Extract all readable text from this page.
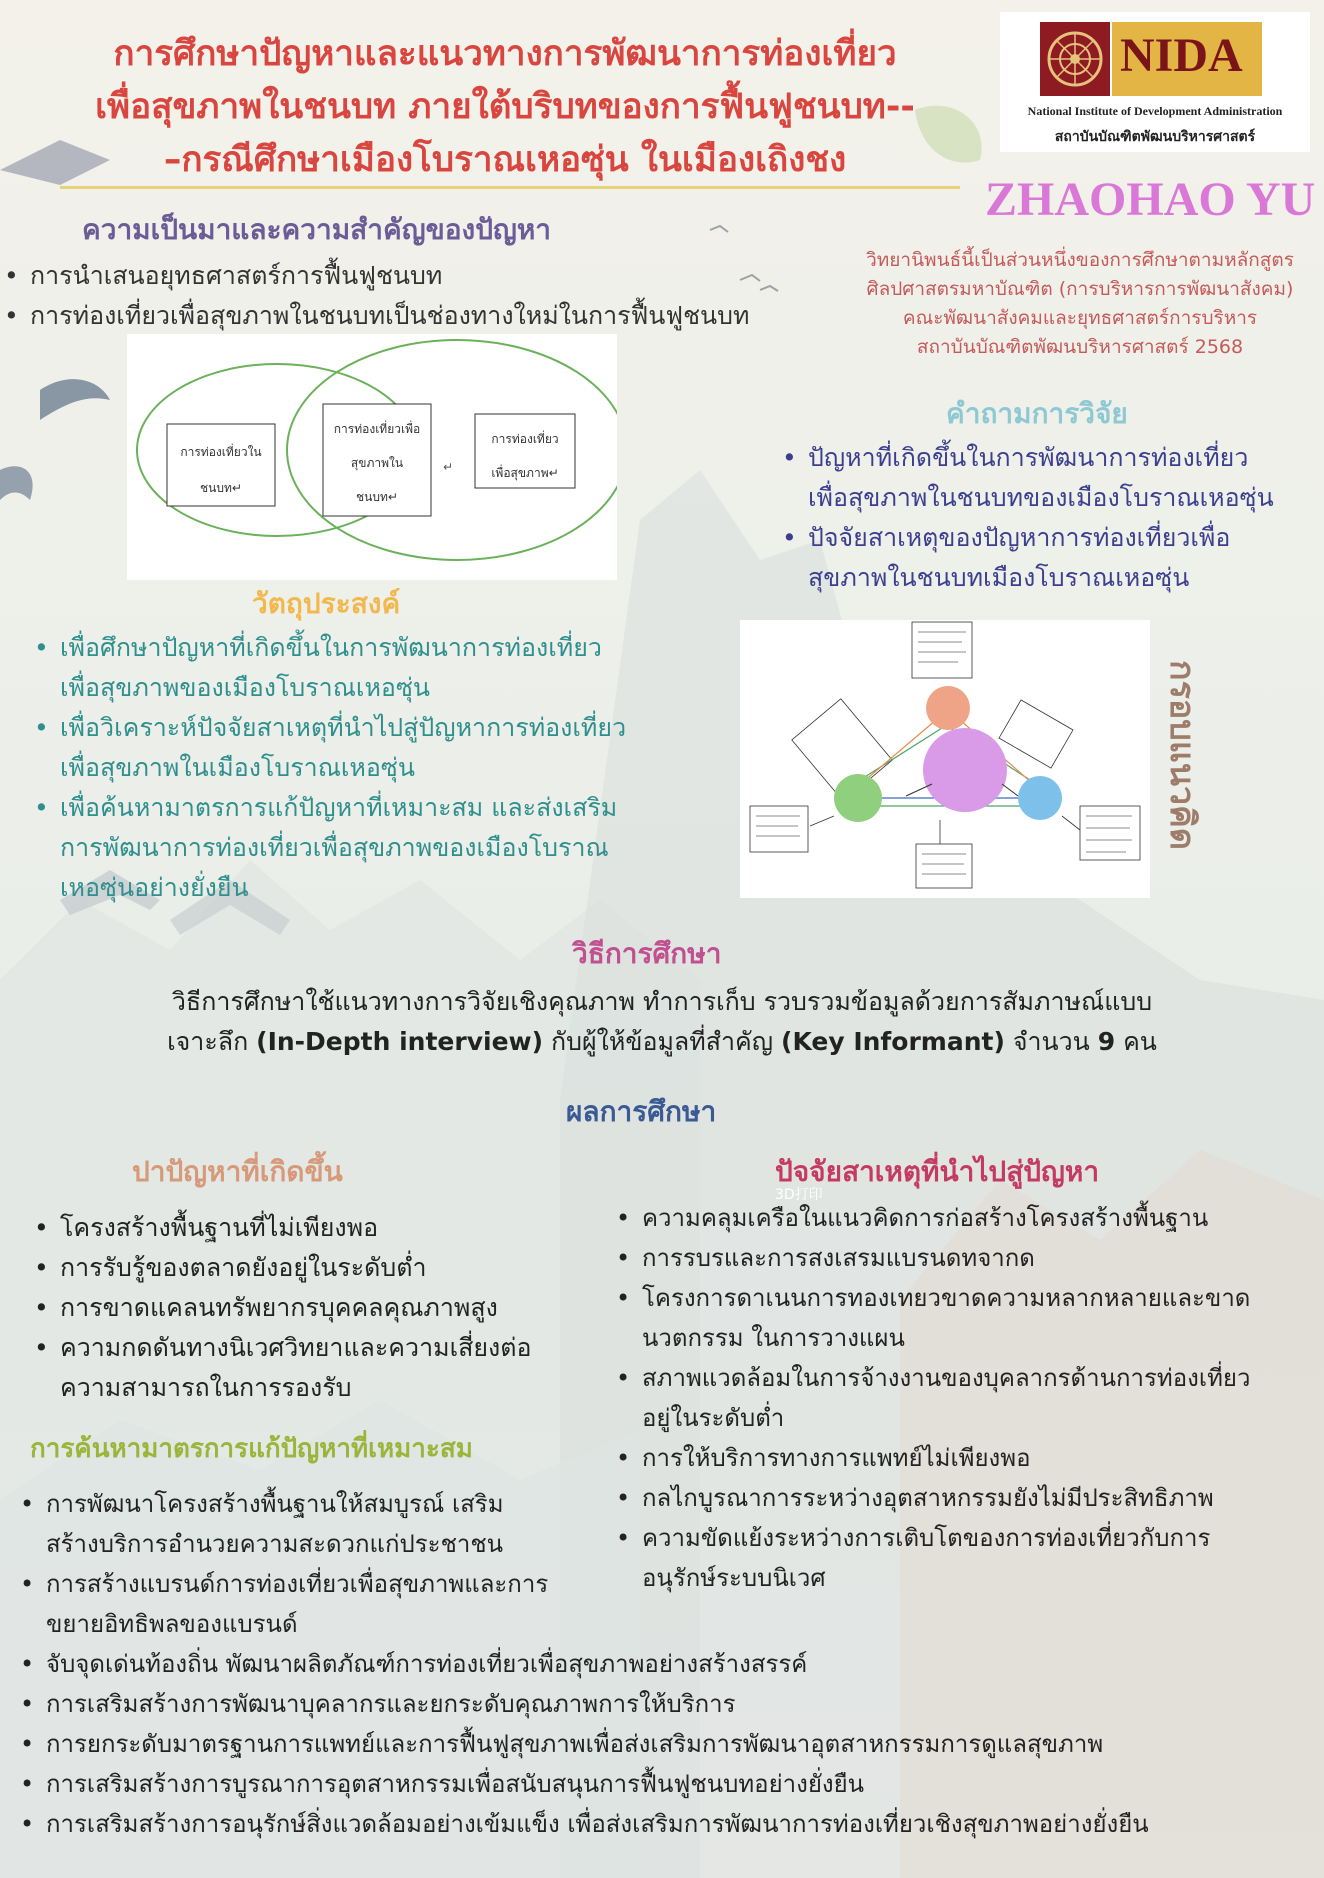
การศึกษาปัญหาและแนวทางการพัฒนาการท่องเที่ยว
เพื่อสุขภาพในชนบท ภายใต้บริบทของการฟื้นฟูชนบท--
–กรณีศึกษาเมืองโบราณเหอซุ่น ในเมืองเถิงชง
NIDA
National Institute of Development Administration
สถาบันบัณฑิตพัฒนบริหารศาสตร์
ZHAOHAO YU
วิทยานิพนธ์นี้เป็นส่วนหนึ่งของการศึกษาตามหลักสูตร
ศิลปศาสตรมหาบัณฑิต (การบริหารการพัฒนาสังคม)
คณะพัฒนาสังคมและยุทธศาสตร์การบริหาร
สถาบันบัณฑิตพัฒนบริหารศาสตร์ 2568
ความเป็นมาและความสำคัญของปัญหา
• การนำเสนอยุทธศาสตร์การฟื้นฟูชนบท
• การท่องเที่ยวเพื่อสุขภาพในชนบทเป็นช่องทางใหม่ในการฟื้นฟูชนบท
การท่องเที่ยวใน
ชนบท↵
การท่องเที่ยวเพื่อ
สุขภาพใน
ชนบท↵
การท่องเที่ยว
เพื่อสุขภาพ↵
↵
วัตถุประสงค์
• เพื่อศึกษาปัญหาที่เกิดขึ้นในการพัฒนาการท่องเที่ยว
เพื่อสุขภาพของเมืองโบราณเหอซุ่น
• เพื่อวิเคราะห์ปัจจัยสาเหตุที่นำไปสู่ปัญหาการท่องเที่ยว
เพื่อสุขภาพในเมืองโบราณเหอซุ่น
• เพื่อค้นหามาตรการแก้ปัญหาที่เหมาะสม และส่งเสริม
การพัฒนาการท่องเที่ยวเพื่อสุขภาพของเมืองโบราณ
เหอซุ่นอย่างยั่งยืน
คำถามการวิจัย
• ปัญหาที่เกิดขึ้นในการพัฒนาการท่องเที่ยว
เพื่อสุขภาพในชนบทของเมืองโบราณเหอซุ่น
• ปัจจัยสาเหตุของปัญหาการท่องเที่ยวเพื่อ
สุขภาพในชนบทเมืองโบราณเหอซุ่น
กรอบแนวคิด
วิธีการศึกษา
วิธีการศึกษาใช้แนวทางการวิจัยเชิงคุณภาพ ทำการเก็บ รวบรวมข้อมูลด้วยการสัมภาษณ์แบบ
เจาะลึก (In-Depth interview) กับผู้ให้ข้อมูลที่สำคัญ (Key Informant) จำนวน 9 คน
ผลการศึกษา
ปาปัญหาที่เกิดขึ้น
• โครงสร้างพื้นฐานที่ไม่เพียงพอ
• การรับรู้ของตลาดยังอยู่ในระดับต่ำ
• การขาดแคลนทรัพยากรบุคคลคุณภาพสูง
• ความกดดันทางนิเวศวิทยาและความเสี่ยงต่อ
ความสามารถในการรองรับ
ปัจจัยสาเหตุที่นำไปสู่ปัญหา
3D打印
• ความคลุมเครือในแนวคิดการก่อสร้างโครงสร้างพื้นฐาน
• การรบรและการสงเสรมแบรนดทจากด
• โครงการดาเนนการทองเทยวขาดความหลากหลายและขาด
นวตกรรม ในการวางแผน
• สภาพแวดล้อมในการจ้างงานของบุคลากรด้านการท่องเที่ยว
อยู่ในระดับต่ำ
• การให้บริการทางการแพทย์ไม่เพียงพอ
• กลไกบูรณาการระหว่างอุตสาหกรรมยังไม่มีประสิทธิภาพ
• ความขัดแย้งระหว่างการเติบโตของการท่องเที่ยวกับการ
อนุรักษ์ระบบนิเวศ
การค้นหามาตรการแก้ปัญหาที่เหมาะสม
• การพัฒนาโครงสร้างพื้นฐานให้สมบูรณ์ เสริม
สร้างบริการอำนวยความสะดวกแก่ประชาชน
• การสร้างแบรนด์การท่องเที่ยวเพื่อสุขภาพและการ
ขยายอิทธิพลของแบรนด์
• จับจุดเด่นท้องถิ่น พัฒนาผลิตภัณฑ์การท่องเที่ยวเพื่อสุขภาพอย่างสร้างสรรค์
• การเสริมสร้างการพัฒนาบุคลากรและยกระดับคุณภาพการให้บริการ
• การยกระดับมาตรฐานการแพทย์และการฟื้นฟูสุขภาพเพื่อส่งเสริมการพัฒนาอุตสาหกรรมการดูแลสุขภาพ
• การเสริมสร้างการบูรณาการอุตสาหกรรมเพื่อสนับสนุนการฟื้นฟูชนบทอย่างยั่งยืน
• การเสริมสร้างการอนุรักษ์สิ่งแวดล้อมอย่างเข้มแข็ง เพื่อส่งเสริมการพัฒนาการท่องเที่ยวเชิงสุขภาพอย่างยั่งยืน
